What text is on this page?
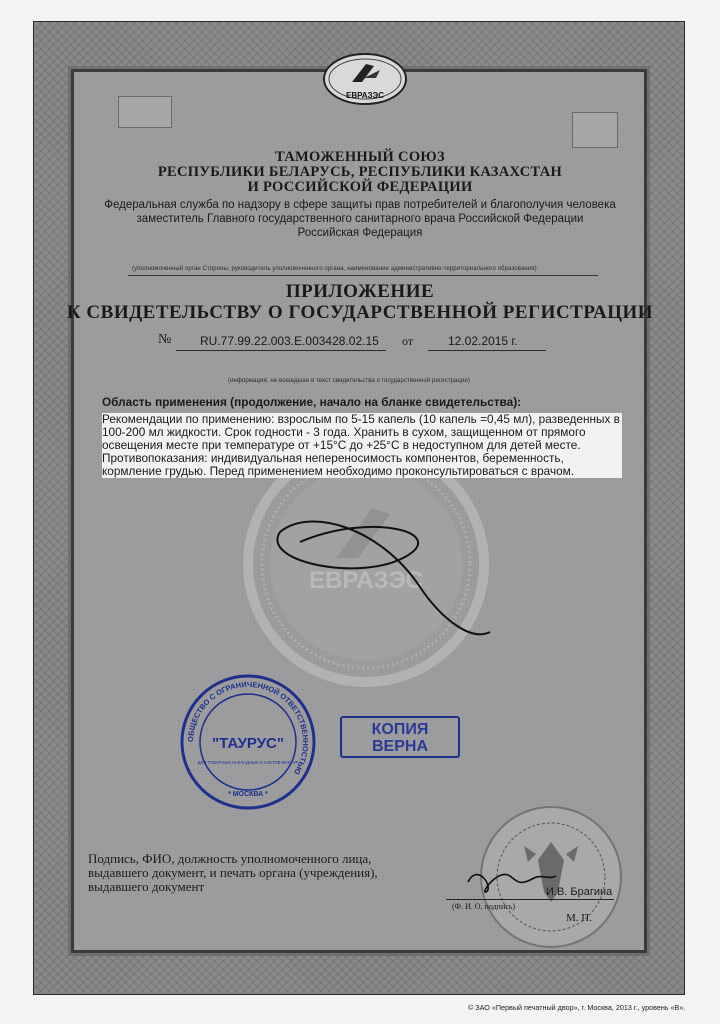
ЕВРАЗЭС
ТАМОЖЕННЫЙ СОЮЗ
РЕСПУБЛИКИ БЕЛАРУСЬ, РЕСПУБЛИКИ КАЗАХСТАН
И РОССИЙСКОЙ ФЕДЕРАЦИИ
Федеральная служба по надзору в сфере защиты прав потребителей и благополучия человека
заместитель Главного государственного санитарного врача Российской Федерации
Российская Федерация
(уполномоченный орган Стороны, руководитель уполномоченного органа, наименование административно-территориального образования)
ПРИЛОЖЕНИЕ
К СВИДЕТЕЛЬСТВУ О ГОСУДАРСТВЕННОЙ РЕГИСТРАЦИИ
№ RU.77.99.22.003.E.003428.02.15 от	12.02.2015 г.
(информация, не вошедшая в текст свидетельства о государственной регистрации)
ЕВРАЗЭС
Область применения (продолжение, начало на бланке свидетельства):
Рекомендации по применению: взрослым по 5-15 капель (10 капель =0,45 мл), разведенных в 100-200 мл жидкости. Срок годности - 3 года. Хранить в сухом, защищенном от прямого освещения месте при температуре от +15°С до +25°С в недоступном для детей месте. Противопоказания: индивидуальная непереносимость компонентов, беременность, кормление грудью. Перед применением необходимо проконсультироваться с врачом.
ОБЩЕСТВО С ОГРАНИЧЕННОЙ ОТВЕТСТВЕННОСТЬЮ
"ТАУРУС"
ДЛЯ ТОВАРНЫХ НАКЛАДНЫХ И СЧЕТОВ-ФАКТУР
* МОСКВА *
КОПИЯ
ВЕРНА
Подпись, ФИО, должность уполномоченного лица, выдавшего документ, и печать органа (учреждения), выдавшего документ	И.В. Брагина
(Ф. И. О. подпись)
М. П.
© ЗАО «Первый печатный двор», г. Москва, 2013 г., уровень «В».
